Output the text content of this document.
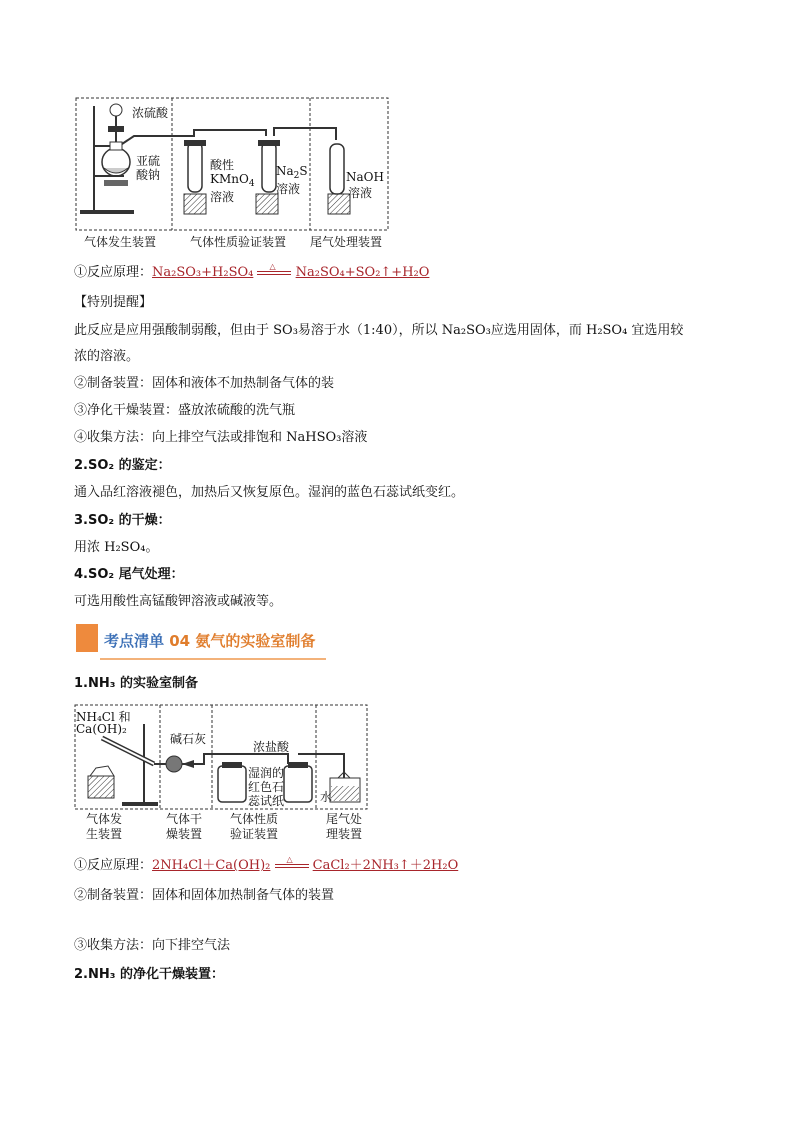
浓硫酸
亚硫
酸钠
酸性
KMnO$_4$
溶液
$Na_2S$
溶液
NaOH
溶液
气体发生装置	气体性质验证装置 尾气处理装置
①反应原理：Na₂SO₃+H₂SO₄ △ Na₂SO₄+SO₂↑+H₂O
【特别提醒】
此反应是应用强酸制弱酸，但由于 SO₃易溶于水（1:40），所以 Na₂SO₃应选用固体，而 H₂SO₄ 宜选用较
浓的溶液。
②制备装置：固体和液体不加热制备气体的装
③净化干燥装置：盛放浓硫酸的洗气瓶
④收集方法：向上排空气法或排饱和 NaHSO₃溶液
2.SO₂ 的鉴定：
通入品红溶液褪色，加热后又恢复原色。湿润的蓝色石蕊试纸变红。
3.SO₂ 的干燥：
用浓 H₂SO₄。
4.SO₂ 尾气处理：
可选用酸性高锰酸钾溶液或碱液等。
考点清单 04 氨气的实验室制备
1.NH₃ 的实验室制备
NH₄Cl 和
Ca(OH)₂
碱石灰
浓盐酸
湿润的
红色石
蕊试纸	水
气体发
生装置
气体干
燥装置
气体性质
验证装置
尾气处
理装置
①反应原理：2NH₄Cl＋Ca(OH)₂ △ CaCl₂＋2NH₃↑＋2H₂O
②制备装置：固体和固体加热制备气体的装置
③收集方法：向下排空气法
2.NH₃ 的净化干燥装置：
